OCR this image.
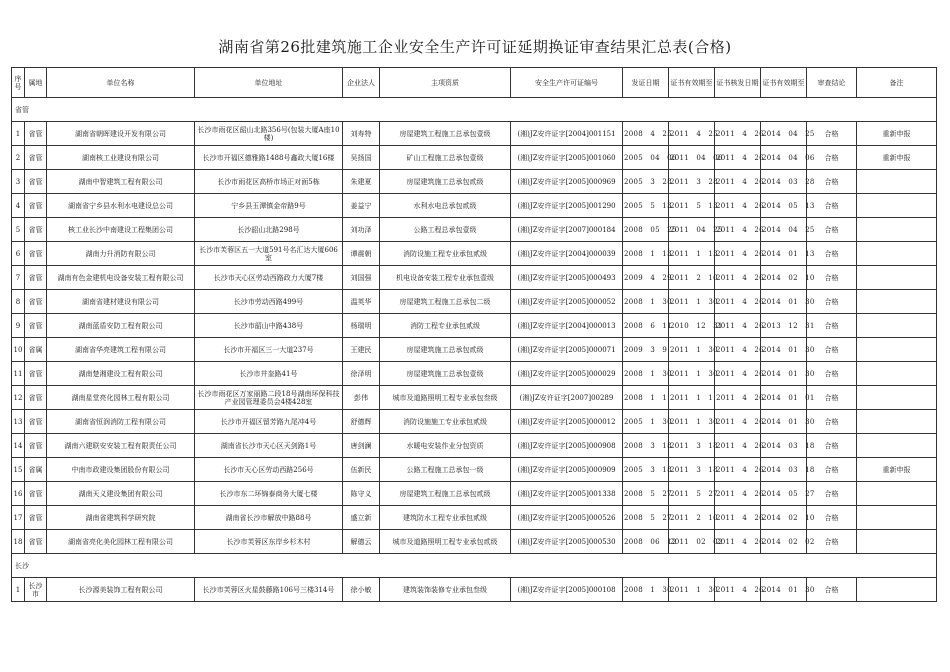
湖南省第26批建筑施工企业安全生产许可证延期换证审查结果汇总表(合格)
序号	属地	单位名称	单位地址	企业法人	主项资质	安全生产许可证编号	发证日期	证书有效期至	证书核发日期	证书有效期至	审查结论	备注
省管												
1	省管	湖南省朝晖建设开发有限公司	长沙市雨花区韶山北路356号(包装大厦A座10楼)	刘寿特	房屋建筑工程施工总承包壹级	(湘)JZ安许证字[2004]001151	2008　4　25	2011　4　25	2011　4　26	2014　04　25	合格	重新申报
2	省管	湖南核工业建设有限公司	长沙市开福区德雅路1488号鑫政大厦16楼	吴扬国	矿山工程施工总承包壹级	(湘)JZ安许证字[2005]001060	2005　04　06	2011　04　06	2011　4　26	2014　04　06	合格	重新申报
3	省管	湖南中智建筑工程有限公司	长沙市雨花区高桥市场正对面5栋	朱建夏	房屋建筑施工总承包贰级	(湘)JZ安许证字[2005]000969	2005　3　28	2011　3　28	2011　4　26	2014　03　28	合格	
4	省管	湖南省宁乡县水利水电建设总公司	宁乡县玉潭镇金帝路9号	姜益宁	水利水电总承包贰级	(湘)JZ安许证字[2005]001290	2005　5　13	2011　5　13	2011　4　26	2014　05　13	合格	
5	省管	核工业长沙中南建设工程集团公司	长沙韶山北路298号	刘功泽	公路工程总承包壹级	(湘)JZ安许证字[2007]000184	2008　05　25	2011　04　25	2011　4　26	2014　04　25	合格	
6	省管	湖南力升消防有限公司	长沙市芙蓉区五一大道591号名汇达大厦606室	谭震朝	消防设施工程专业承包贰级	(湘)JZ安许证字[2004]000039	2008　1　13	2011　1　13	2011　4　26	2014　01　13	合格	
7	省管	湖南有色金建机电设备安装工程有限公司	长沙市天心区劳动西路政力大厦7楼	刘国强	机电设备安装工程专业承包壹级	(湘)JZ安许证字[2005]000493	2009　4　29	2011　2　10	2011　4　26	2014　02　10	合格	
8	省管	湖南省建材建设有限公司	长沙市劳动西路499号	温英华	房屋建筑工程施工总承包二级	(湘)JZ安许证字[2005]000052	2008　1　30	2011　1　30	2011　4　26	2014　01　30	合格	
9	省管	湖南蓝盾安防工程有限公司	长沙市韶山中路438号	杨瑞明	消防工程专业承包贰级	(湘)JZ安许证字[2004]000013	2008　6　11	2010　12　31	2011　4　26	2013　12　31	合格	
10	省属	湖南省华亮建筑工程有限公司	长沙市开福区三一大道237号	王建民	房屋建筑施工总承包贰级	(湘)JZ安许证字[2005]000071	2009　3　9	2011　1　30	2011　4　26	2014　01　30	合格	
11	省管	湖南楚湘建设工程有限公司	长沙市井奎路41号	徐泽明	房屋建筑施工总承包壹级	(湘)JZ安许证字[2005]000029	2008　1　30	2011　1　30	2011　4　26	2014　01　30	合格	
12	省管	湖南星堂亮化园林工程有限公司	长沙市雨花区万家丽路二段18号湖南环保科技产业园管理委员会4楼428室	彭伟	城市及道路照明工程专业承包叁级	(湘)JZ安许证字[2007]00289	2008　1　1	2011　1　1	2011　4　26	2014　01　01	合格	
13	省管	湖南省恒润消防工程有限公司	长沙市开福区留芳路九尾冲4号	舒德辉	消防设施施工专业承包贰级	(湘)JZ安许证字[2005]000012	2005　1　30	2011　1　30	2011　4　26	2014　01　30	合格	
14	省管	湖南六建联安安装工程有限责任公司	湖南省长沙市天心区天剑路1号	唐剑澜	水暖电安装作业分包资质	(湘)JZ安许证字[2005]000908	2008　3　18	2011　3　18	2011　4　26	2014　03　18	合格	
15	省属	中南市政建设集团股份有限公司	长沙市天心区劳动西路256号	伍新民	公路工程施工总承包一级	(湘)JZ安许证字[2005]000909	2005　3　18	2011　3　18	2011　4　26	2014　03　18	合格	重新申报
16	省管	湖南天义建设集团有限公司	长沙市东二环锦泰商务大厦七楼	陈守义	房屋建筑工程施工总承包贰级	(湘)JZ安许证字[2005]001338	2008　5　27	2011　5　27	2011　4　26	2014　05　27	合格	
17	省管	湖南省建筑科学研究院	湖南省长沙市解放中路88号	盛立新	建筑防水工程专业承包贰级	(湘)JZ安许证字[2005]000526	2008　5　27	2011　2　10	2011　4　26	2014　02　10	合格	
18	省管	湖南省亮化美化园林工程有限公司	长沙市芙蓉区东岸乡杉木村	解德云	城市及道路照明工程专业承包贰级	(湘)JZ安许证字[2005]000530	2008　06　12	2011　02　02	2011　4　26	2014　02　02	合格	
长沙												
1	长沙市	长沙源美装饰工程有限公司	长沙市芙蓉区火星鼓藤路106号三楼314号	徐小敏	建筑装饰装修专业承包叁级	(湘)JZ安许证字[2005]000108	2008　1　30	2011　1　30	2011　4　26	2014　01　30	合格	
